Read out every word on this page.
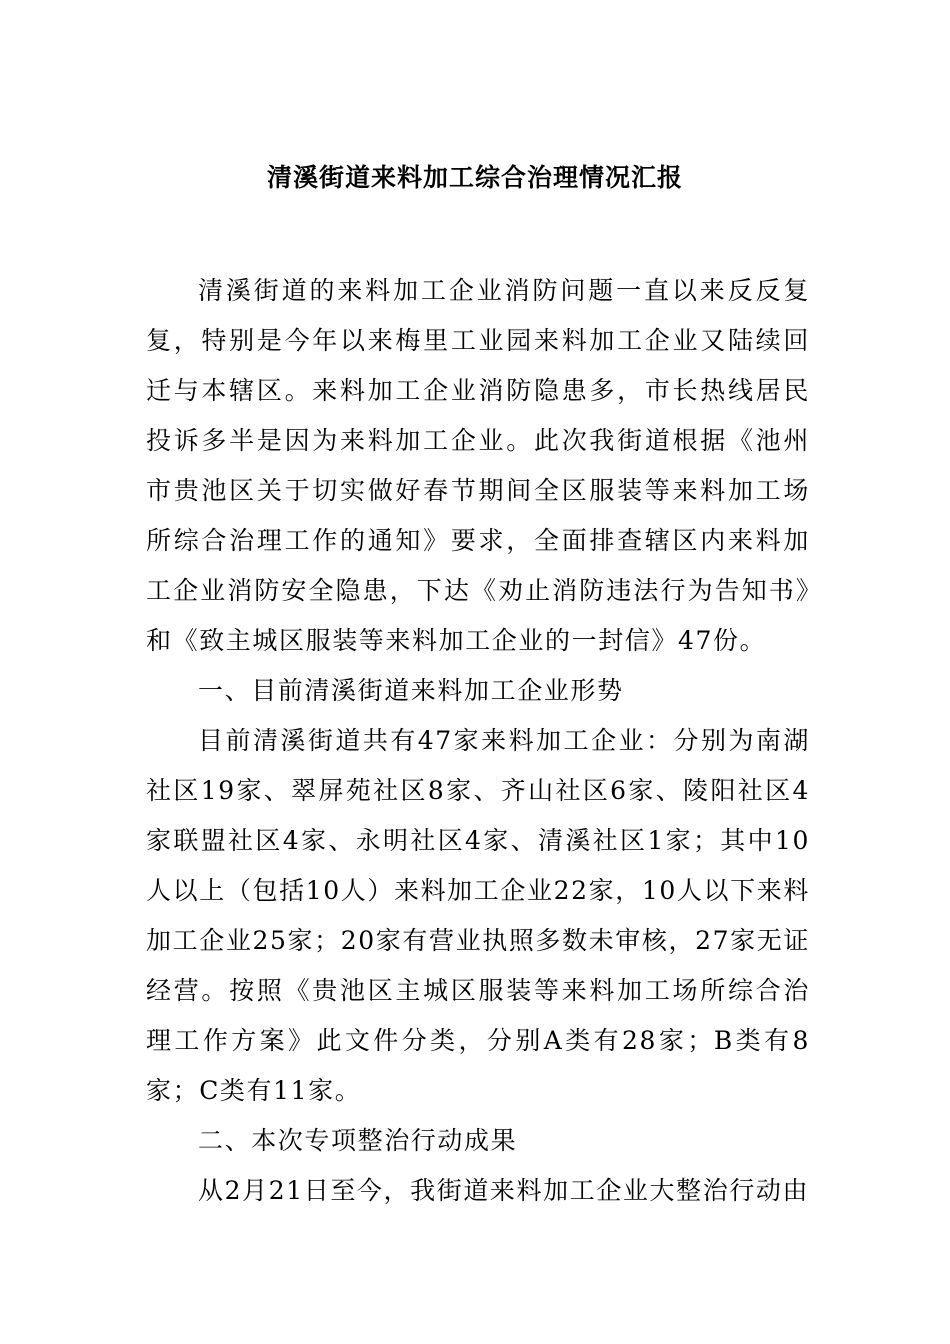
清溪街道来料加工综合治理情况汇报

清溪街道的来料加工企业消防问题一直以来反反复复，特别是今年以来梅里工业园来料加工企业又陆续回迁与本辖区。来料加工企业消防隐患多，市长热线居民投诉多半是因为来料加工企业。此次我街道根据《池州市贵池区关于切实做好春节期间全区服装等来料加工场所综合治理工作的通知》要求，全面排查辖区内来料加工企业消防安全隐患，下达《劝止消防违法行为告知书》和《致主城区服装等来料加工企业的一封信》47份。

一、目前清溪街道来料加工企业形势

目前清溪街道共有47家来料加工企业：分别为南湖社区19家、翠屏苑社区8家、齐山社区6家、陵阳社区4家联盟社区4家、永明社区4家、清溪社区1家；其中10人以上（包括10人）来料加工企业22家，10人以下来料加工企业25家；20家有营业执照多数未审核，27家无证经营。按照《贵池区主城区服装等来料加工场所综合治理工作方案》此文件分类，分别A类有28家；B类有8家；C类有11家。

二、本次专项整治行动成果

从2月21日至今，我街道来料加工企业大整治行动由
